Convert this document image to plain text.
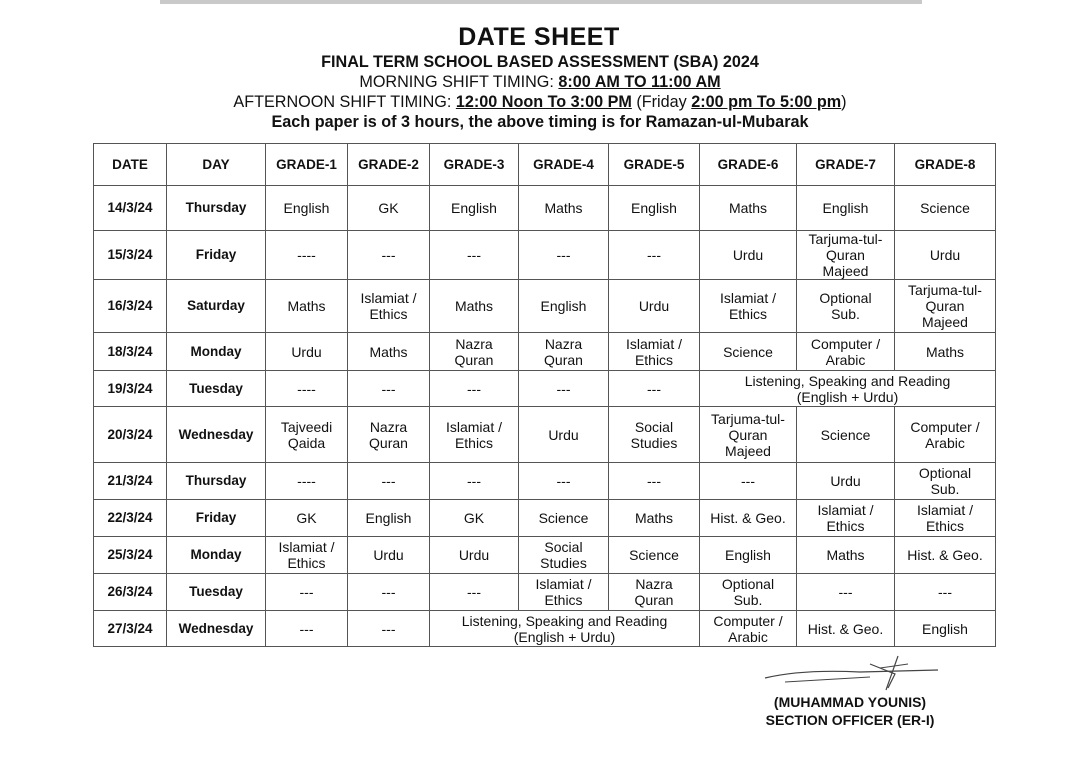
DATE SHEET
FINAL TERM SCHOOL BASED ASSESSMENT (SBA) 2024
MORNING SHIFT TIMING: 8:00 AM TO 11:00 AM
AFTERNOON SHIFT TIMING: 12:00 Noon To 3:00 PM (Friday 2:00 pm To 5:00 pm)
Each paper is of 3 hours, the above timing is for Ramazan-ul-Mubarak
DATE	DAY	GRADE-1	GRADE-2	GRADE-3	GRADE-4	GRADE-5	GRADE-6	GRADE-7	GRADE-8
14/3/24	Thursday	English	GK	English	Maths	English	Maths	English	Science
15/3/24	Friday	----	---	---	---	---	Urdu	Tarjuma-tul-
Quran
Majeed	Urdu
16/3/24	Saturday	Maths	Islamiat /
Ethics	Maths	English	Urdu	Islamiat /
Ethics	Optional
Sub.	Tarjuma-tul-
Quran
Majeed
18/3/24	Monday	Urdu	Maths	Nazra
Quran	Nazra
Quran	Islamiat /
Ethics	Science	Computer /
Arabic	Maths
19/3/24	Tuesday	----	---	---	---	---	Listening, Speaking and Reading
(English + Urdu)		
20/3/24	Wednesday	Tajveedi
Qaida	Nazra
Quran	Islamiat /
Ethics	Urdu	Social
Studies	Tarjuma-tul-
Quran
Majeed	Science	Computer /
Arabic
21/3/24	Thursday	----	---	---	---	---	---	Urdu	Optional
Sub.
22/3/24	Friday	GK	English	GK	Science	Maths	Hist. & Geo.	Islamiat /
Ethics	Islamiat /
Ethics
25/3/24	Monday	Islamiat /
Ethics	Urdu	Urdu	Social
Studies	Science	English	Maths	Hist. & Geo.
26/3/24	Tuesday	---	---	---	Islamiat /
Ethics	Nazra
Quran	Optional
Sub.	---	---
27/3/24	Wednesday	---	---	Listening, Speaking and Reading
(English + Urdu)			Computer /
Arabic	Hist. & Geo.	English
(MUHAMMAD YOUNIS)
SECTION OFFICER (ER-I)
